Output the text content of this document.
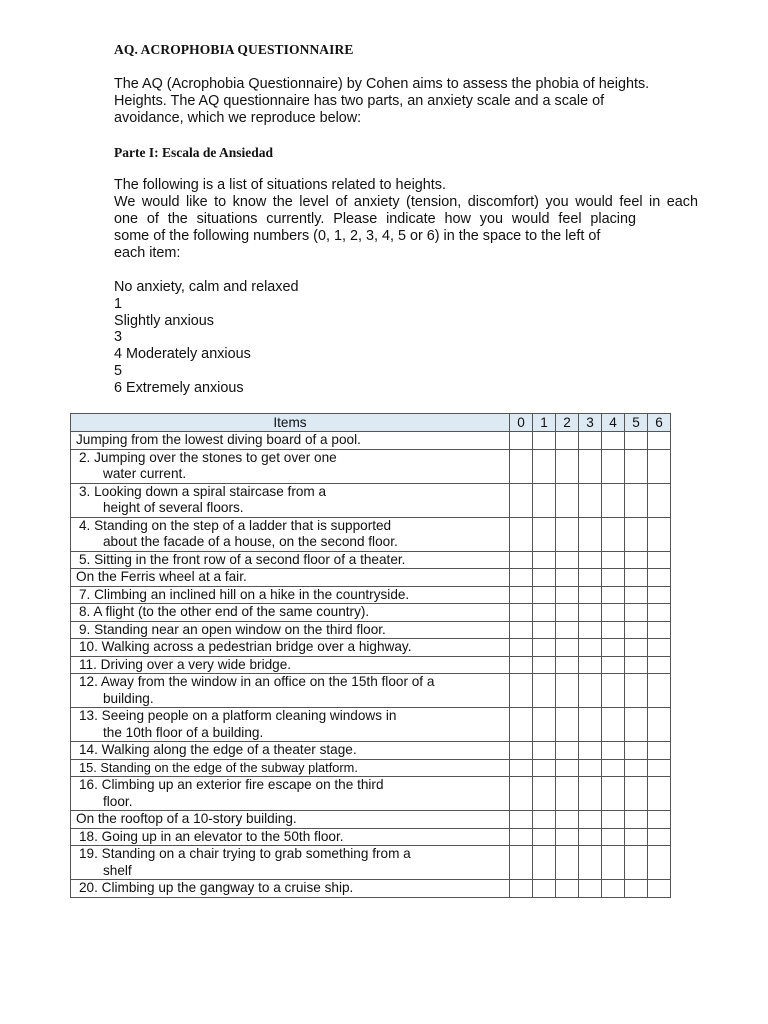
AQ. ACROPHOBIA QUESTIONNAIRE
The AQ (Acrophobia Questionnaire) by Cohen aims to assess the phobia of heights.
Heights. The AQ questionnaire has two parts, an anxiety scale and a scale of
avoidance, which we reproduce below:
Parte I: Escala de Ansiedad
The following is a list of situations related to heights.
We would like to know the level of anxiety (tension, discomfort) you would feel in each
one of the situations currently. Please indicate how you would feel placing
some of the following numbers (0, 1, 2, 3, 4, 5 or 6) in the space to the left of
each item:
No anxiety, calm and relaxed
1
Slightly anxious
3
4 Moderately anxious
5
6 Extremely anxious
Items	0	1	2	3	4	5	6
Jumping from the lowest diving board of a pool.							
2. Jumping over the stones to get over one
water current.							

3. Looking down a spiral staircase from a
height of several floors.							

4. Standing on the step of a ladder that is supported
about the facade of a house, on the second floor.							

5. Sitting in the front row of a second floor of a theater.							
On the Ferris wheel at a fair.							
7. Climbing an inclined hill on a hike in the countryside.							
8. A flight (to the other end of the same country).							
9. Standing near an open window on the third floor.							
10. Walking across a pedestrian bridge over a highway.							
11. Driving over a very wide bridge.							
12. Away from the window in an office on the 15th floor of a
building.							

13. Seeing people on a platform cleaning windows in
the 10th floor of a building.							

14. Walking along the edge of a theater stage.							
15. Standing on the edge of the subway platform.							
16. Climbing up an exterior fire escape on the third
floor.							

On the rooftop of a 10-story building.							
18. Going up in an elevator to the 50th floor.							
19. Standing on a chair trying to grab something from a
shelf							

20. Climbing up the gangway to a cruise ship.							
